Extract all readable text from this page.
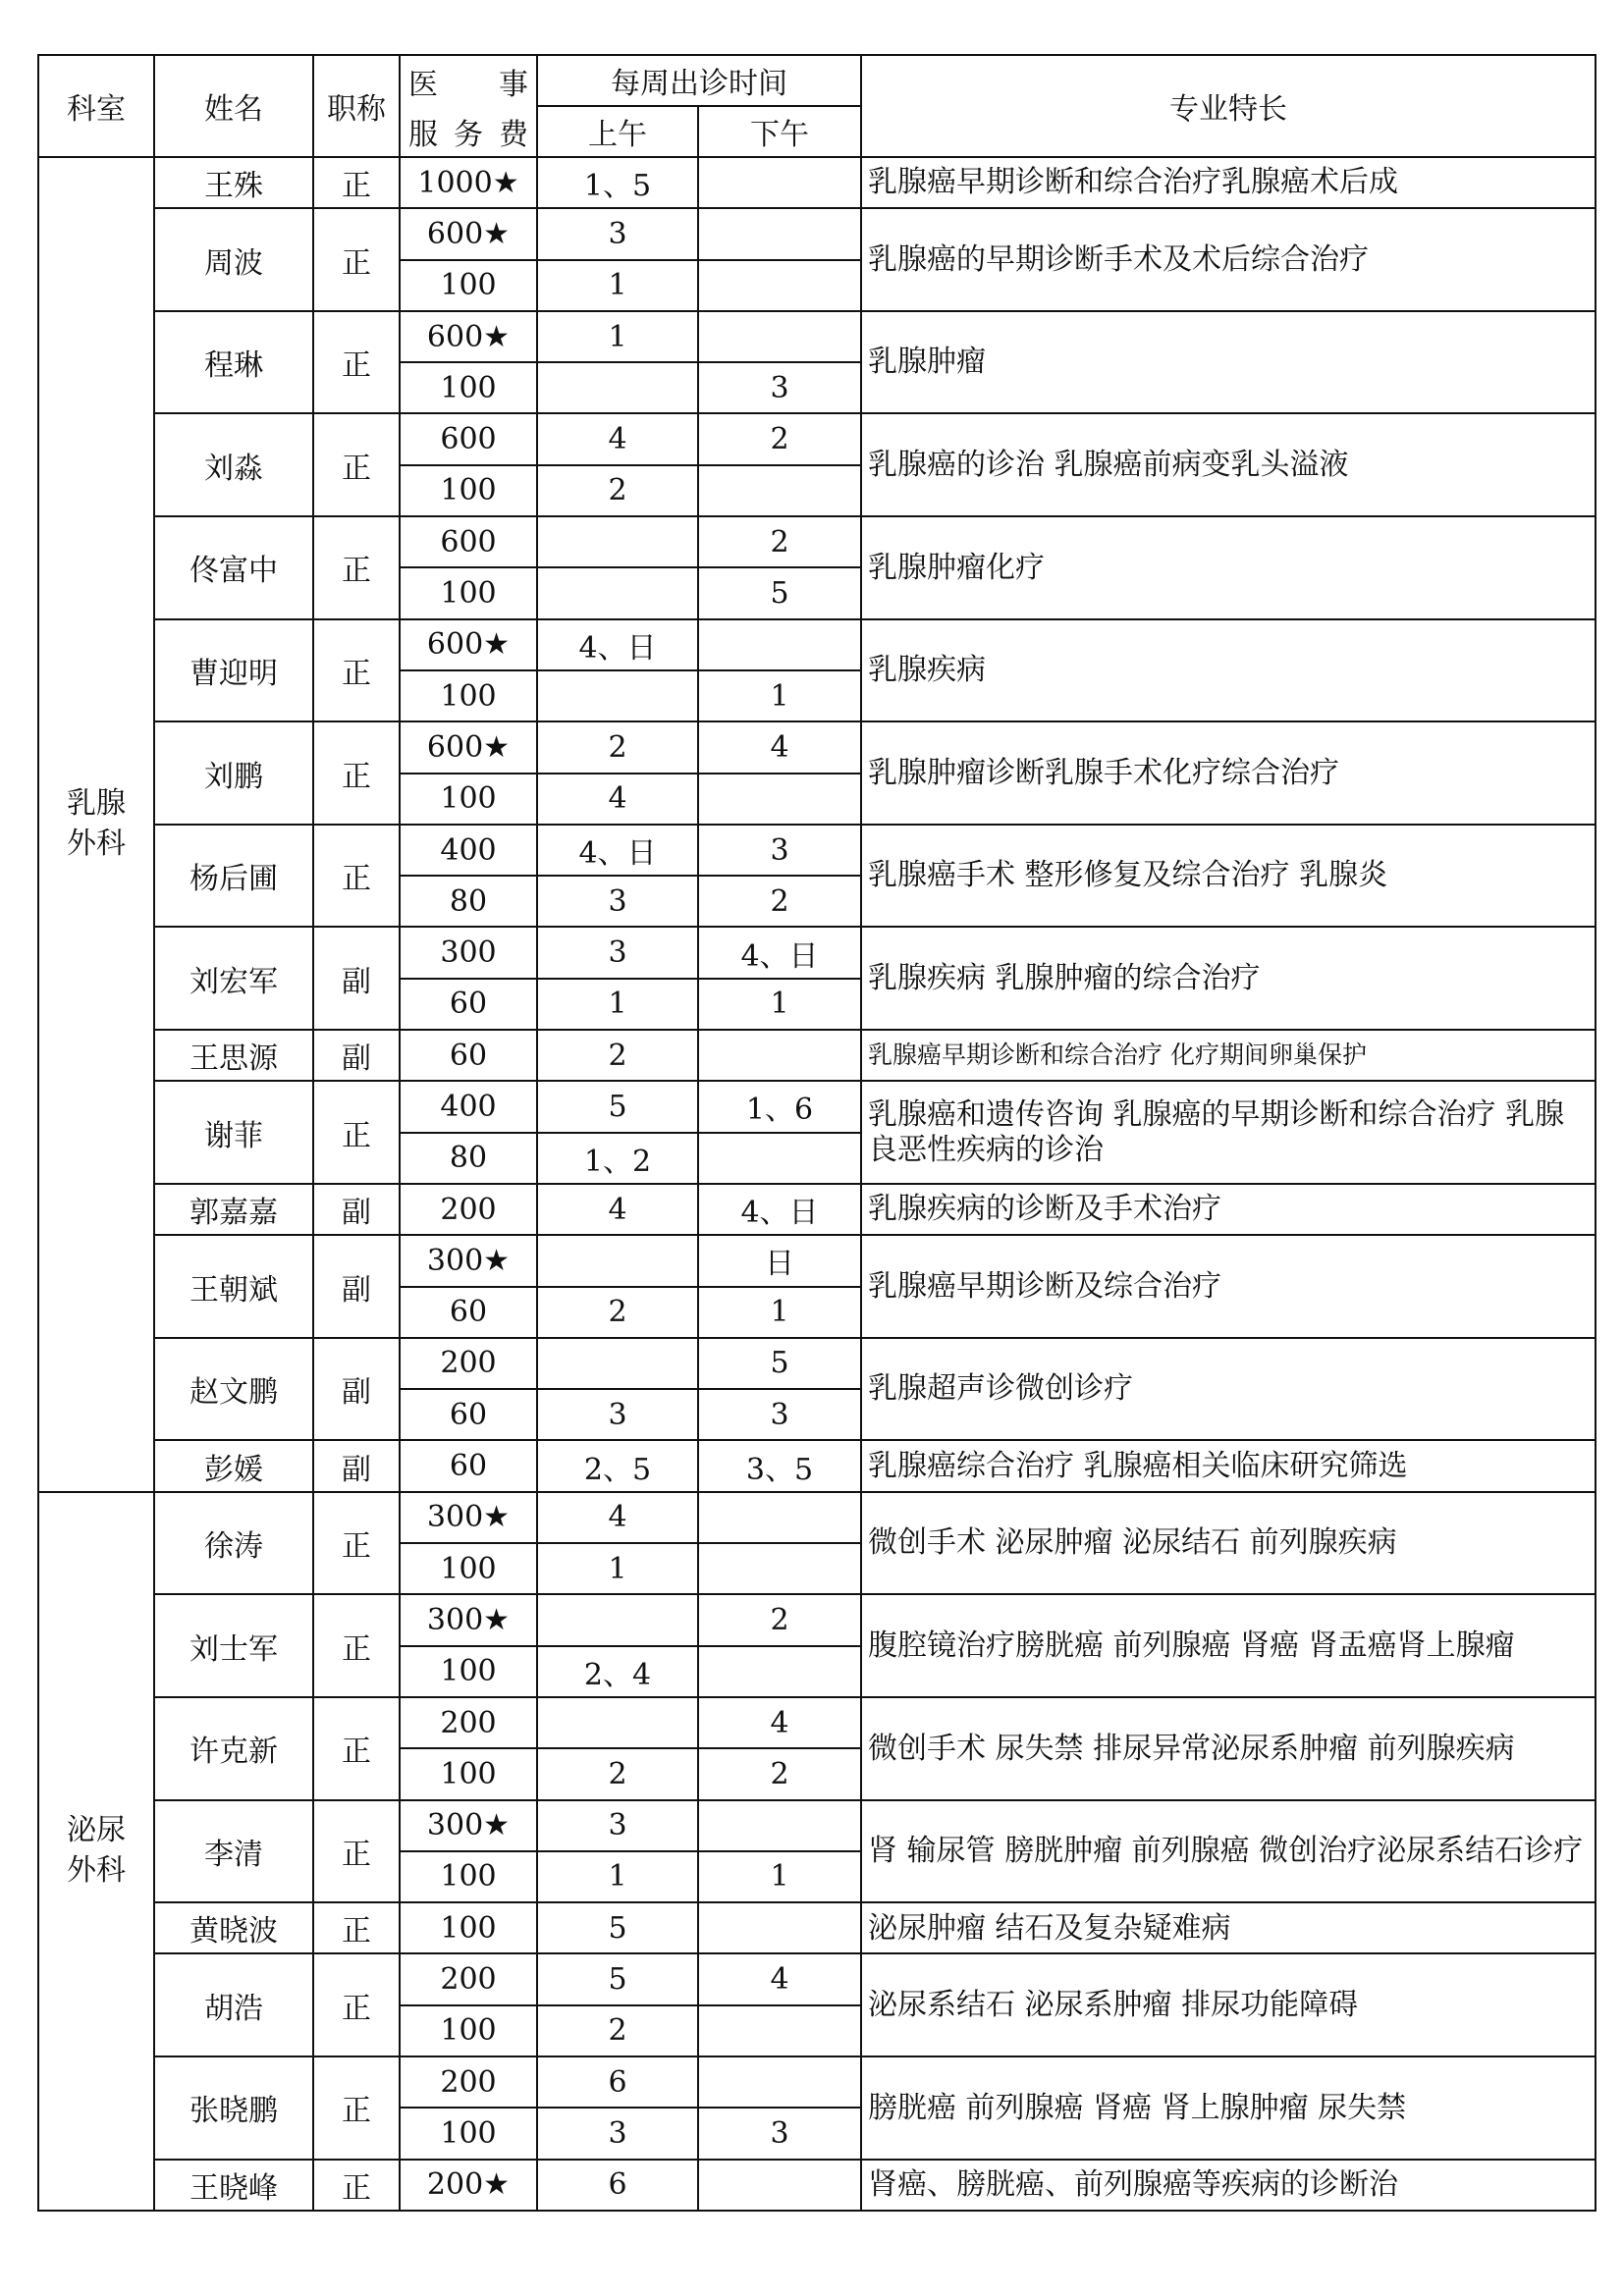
科室	姓名	职称	医　事	每周出诊时间		专业特长
			服务费	上午	下午	
乳腺外科	王殊	正	1000★	1、5		乳腺癌早期诊断和综合治疗乳腺癌术后成
	周波	正	600★	3		乳腺癌的早期诊断手术及术后综合治疗
			100	1		
	程琳	正	600★	1		乳腺肿瘤
			100		3	
	刘淼	正	600	4	2	乳腺癌的诊治 乳腺癌前病变乳头溢液
			100	2		
	佟富中	正	600		2	乳腺肿瘤化疗
			100		5	
	曹迎明	正	600★	4、日		乳腺疾病
			100		1	
	刘鹏	正	600★	2	4	乳腺肿瘤诊断乳腺手术化疗综合治疗
			100	4		
	杨后圃	正	400	4、日	3	乳腺癌手术 整形修复及综合治疗 乳腺炎
			80	3	2	
	刘宏军	副	300	3	4、日	乳腺疾病 乳腺肿瘤的综合治疗
			60	1	1	
	王思源	副	60	2		乳腺癌早期诊断和综合治疗 化疗期间卵巢保护
	谢菲	正	400	5	1、6	乳腺癌和遗传咨询 乳腺癌的早期诊断和综合治疗 乳腺良恶性疾病的诊治
			80	1、2		
	郭嘉嘉	副	200	4	4、日	乳腺疾病的诊断及手术治疗
	王朝斌	副	300★		日	乳腺癌早期诊断及综合治疗
			60	2	1	
	赵文鹏	副	200		5	乳腺超声诊微创诊疗
			60	3	3	
	彭媛	副	60	2、5	3、5	乳腺癌综合治疗 乳腺癌相关临床研究筛选
泌尿外科	徐涛	正	300★	4		微创手术 泌尿肿瘤 泌尿结石 前列腺疾病
			100	1		
	刘士军	正	300★		2	腹腔镜治疗膀胱癌 前列腺癌 肾癌 肾盂癌肾上腺瘤
			100	2、4		
	许克新	正	200		4	微创手术 尿失禁 排尿异常泌尿系肿瘤 前列腺疾病
			100	2	2	
	李清	正	300★	3		肾 输尿管 膀胱肿瘤 前列腺癌 微创治疗泌尿系结石诊疗
			100	1	1	
	黄晓波	正	100	5		泌尿肿瘤 结石及复杂疑难病
	胡浩	正	200	5	4	泌尿系结石 泌尿系肿瘤 排尿功能障碍
			100	2		
	张晓鹏	正	200	6		膀胱癌 前列腺癌 肾癌 肾上腺肿瘤 尿失禁
			100	3	3	
	王晓峰	正	200★	6		肾癌、膀胱癌、前列腺癌等疾病的诊断治
